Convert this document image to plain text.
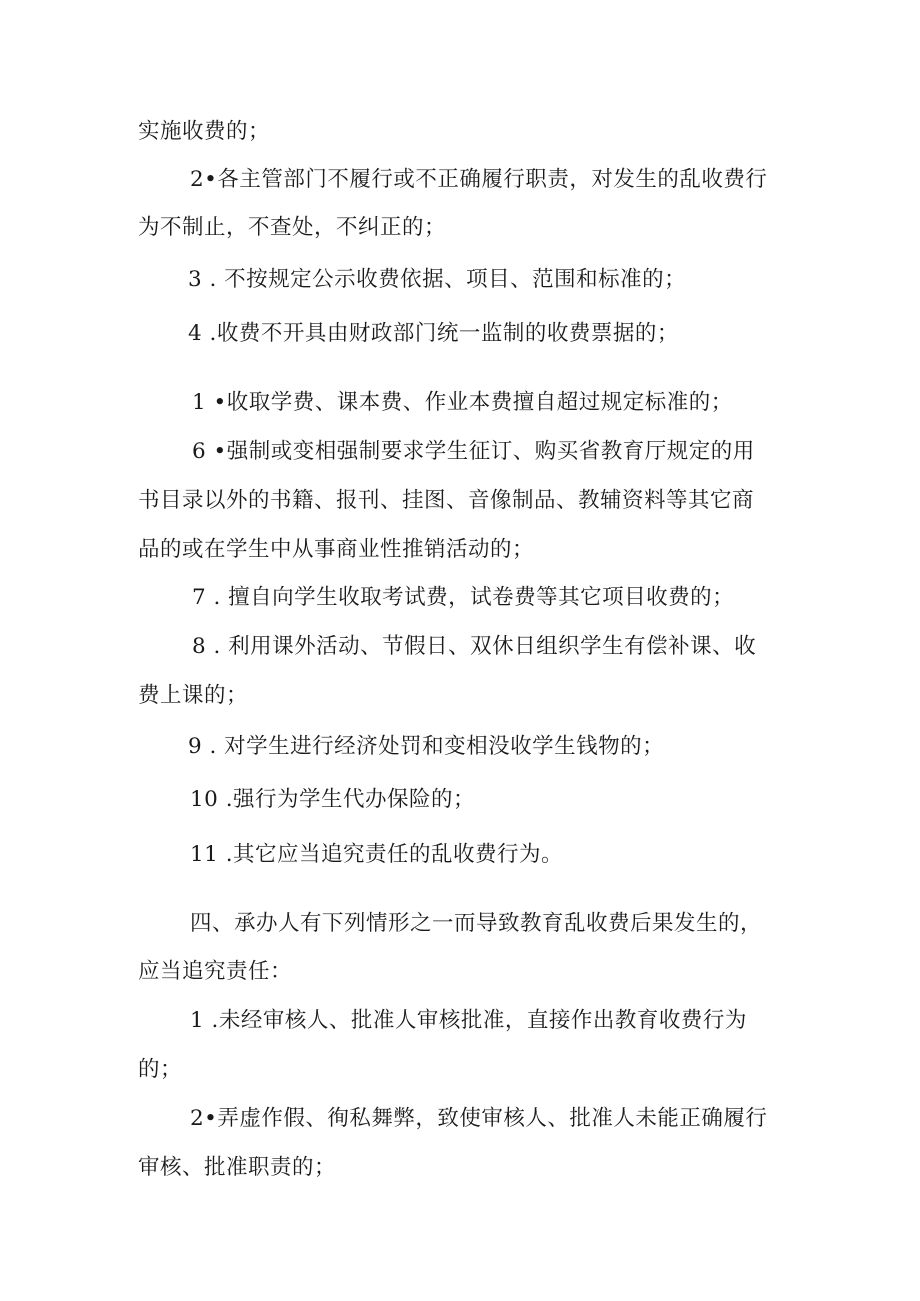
实施收费的；
2•各主管部门不履行或不正确履行职责，对发生的乱收费行
为不制止，不查处，不纠正的；
3 . 不按规定公示收费依据、项目、范围和标准的；
4 .收费不开具由财政部门统一监制的收费票据的；
1 •收取学费、课本费、作业本费擅自超过规定标准的；
6 •强制或变相强制要求学生征订、购买省教育厅规定的用
书目录以外的书籍、报刊、挂图、音像制品、教辅资料等其它商
品的或在学生中从事商业性推销活动的；
7 . 擅自向学生收取考试费，试卷费等其它项目收费的；
8 . 利用课外活动、节假日、双休日组织学生有偿补课、收
费上课的；
9 . 对学生进行经济处罚和变相没收学生钱物的；
10 .强行为学生代办保险的；
11 .其它应当追究责任的乱收费行为。
四、承办人有下列情形之一而导致教育乱收费后果发生的，
应当追究责任：
1 .未经审核人、批准人审核批准，直接作出教育收费行为
的；
2•弄虚作假、徇私舞弊，致使审核人、批准人未能正确履行
审核、批准职责的；
